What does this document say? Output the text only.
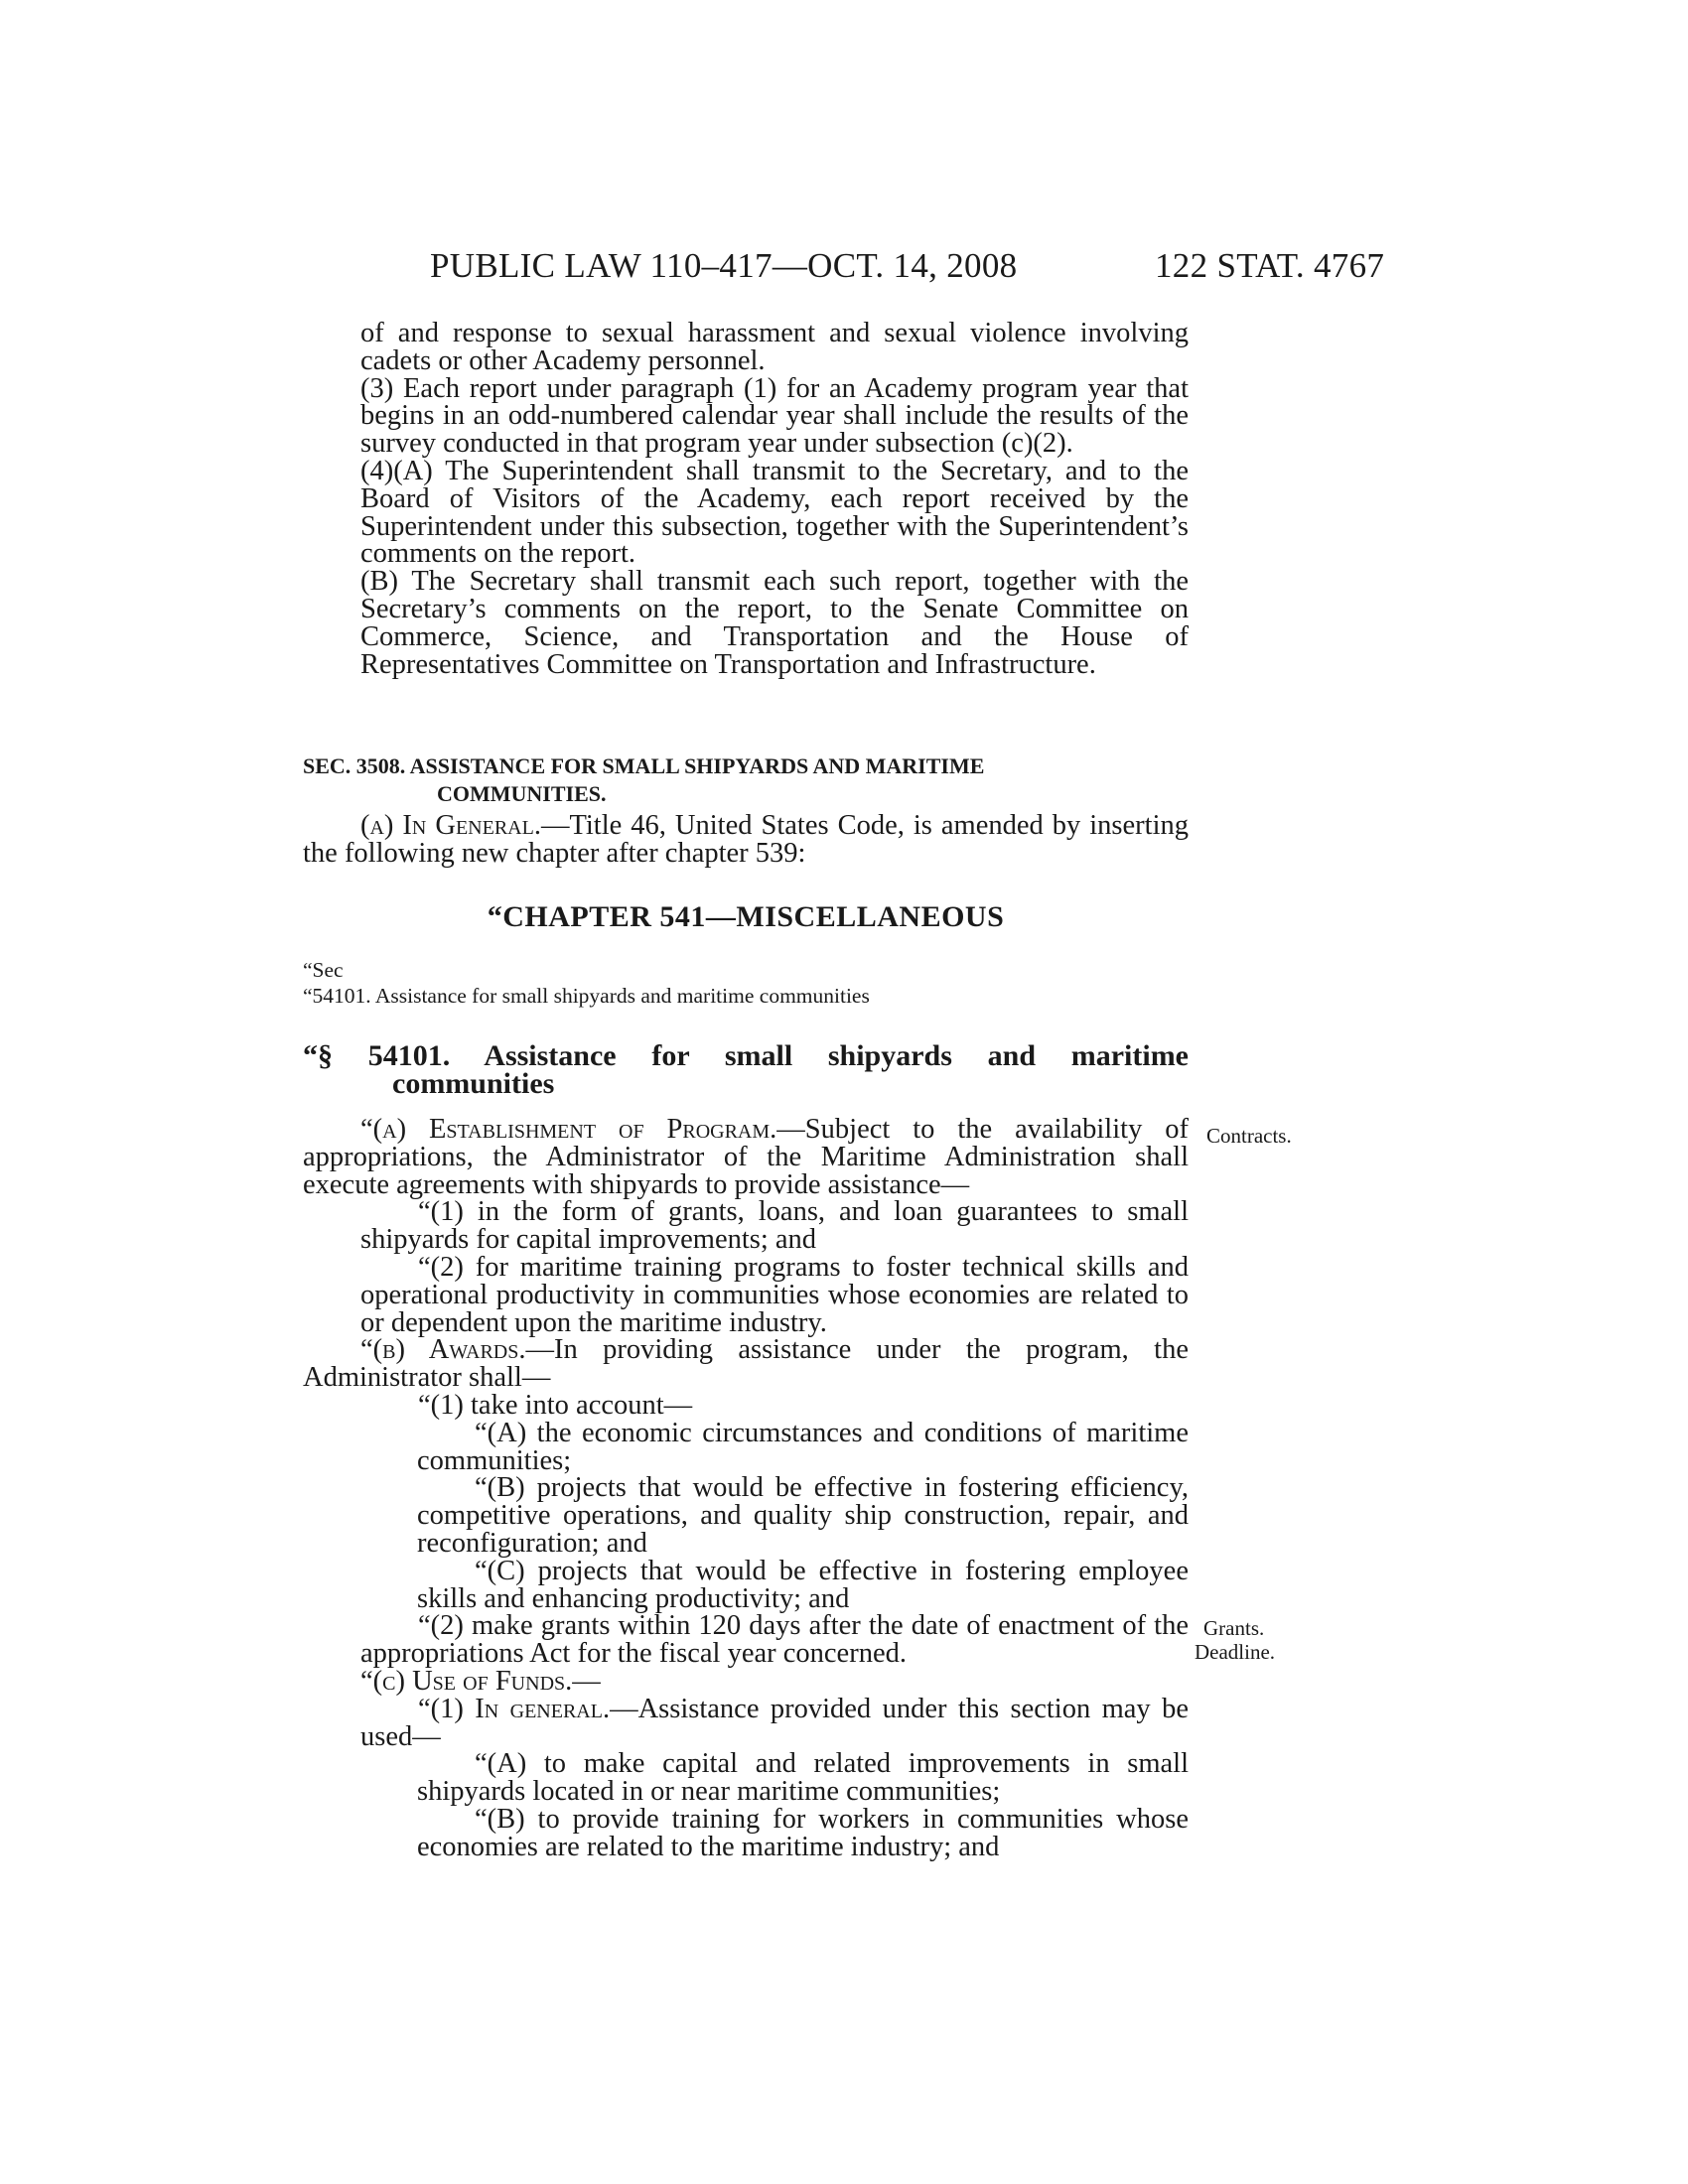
PUBLIC LAW 110–417—OCT. 14, 2008	122 STAT. 4767

of and response to sexual harassment and sexual violence involving cadets or other Academy personnel.

(3) Each report under paragraph (1) for an Academy program year that begins in an odd-numbered calendar year shall include the results of the survey conducted in that program year under subsection (c)(2).

(4)(A) The Superintendent shall transmit to the Secretary, and to the Board of Visitors of the Academy, each report received by the Superintendent under this subsection, together with the Superintendent’s comments on the report.

(B) The Secretary shall transmit each such report, together with the Secretary’s comments on the report, to the Senate Committee on Commerce, Science, and Transportation and the House of Representatives Committee on Transportation and Infrastructure.

SEC. 3508. ASSISTANCE FOR SMALL SHIPYARDS AND MARITIME
COMMUNITIES.

(a) In General.—Title 46, United States Code, is amended by inserting the following new chapter after chapter 539:

“CHAPTER 541—MISCELLANEOUS
“Sec
“54101. Assistance for small shipyards and maritime communities
“§ 54101. Assistance for small shipyards and maritime
communities

“(a) Establishment of Program.—Subject to the availability of appropriations, the Administrator of the Maritime Administration shall execute agreements with shipyards to provide assistance—

“(1) in the form of grants, loans, and loan guarantees to small shipyards for capital improvements; and

“(2) for maritime training programs to foster technical skills and operational productivity in communities whose economies are related to or dependent upon the maritime industry.

“(b) Awards.—In providing assistance under the program, the Administrator shall—

“(1) take into account—

“(A) the economic circumstances and conditions of maritime communities;

“(B) projects that would be effective in fostering efficiency, competitive operations, and quality ship construction, repair, and reconfiguration; and

“(C) projects that would be effective in fostering employee skills and enhancing productivity; and

“(2) make grants within 120 days after the date of enactment of the appropriations Act for the fiscal year concerned.

“(c) Use of Funds.—

“(1) In general.—Assistance provided under this section may be used—

“(A) to make capital and related improvements in small shipyards located in or near maritime communities;

“(B) to provide training for workers in communities whose economies are related to the maritime industry; and

Contracts.
Grants.
Deadline.
